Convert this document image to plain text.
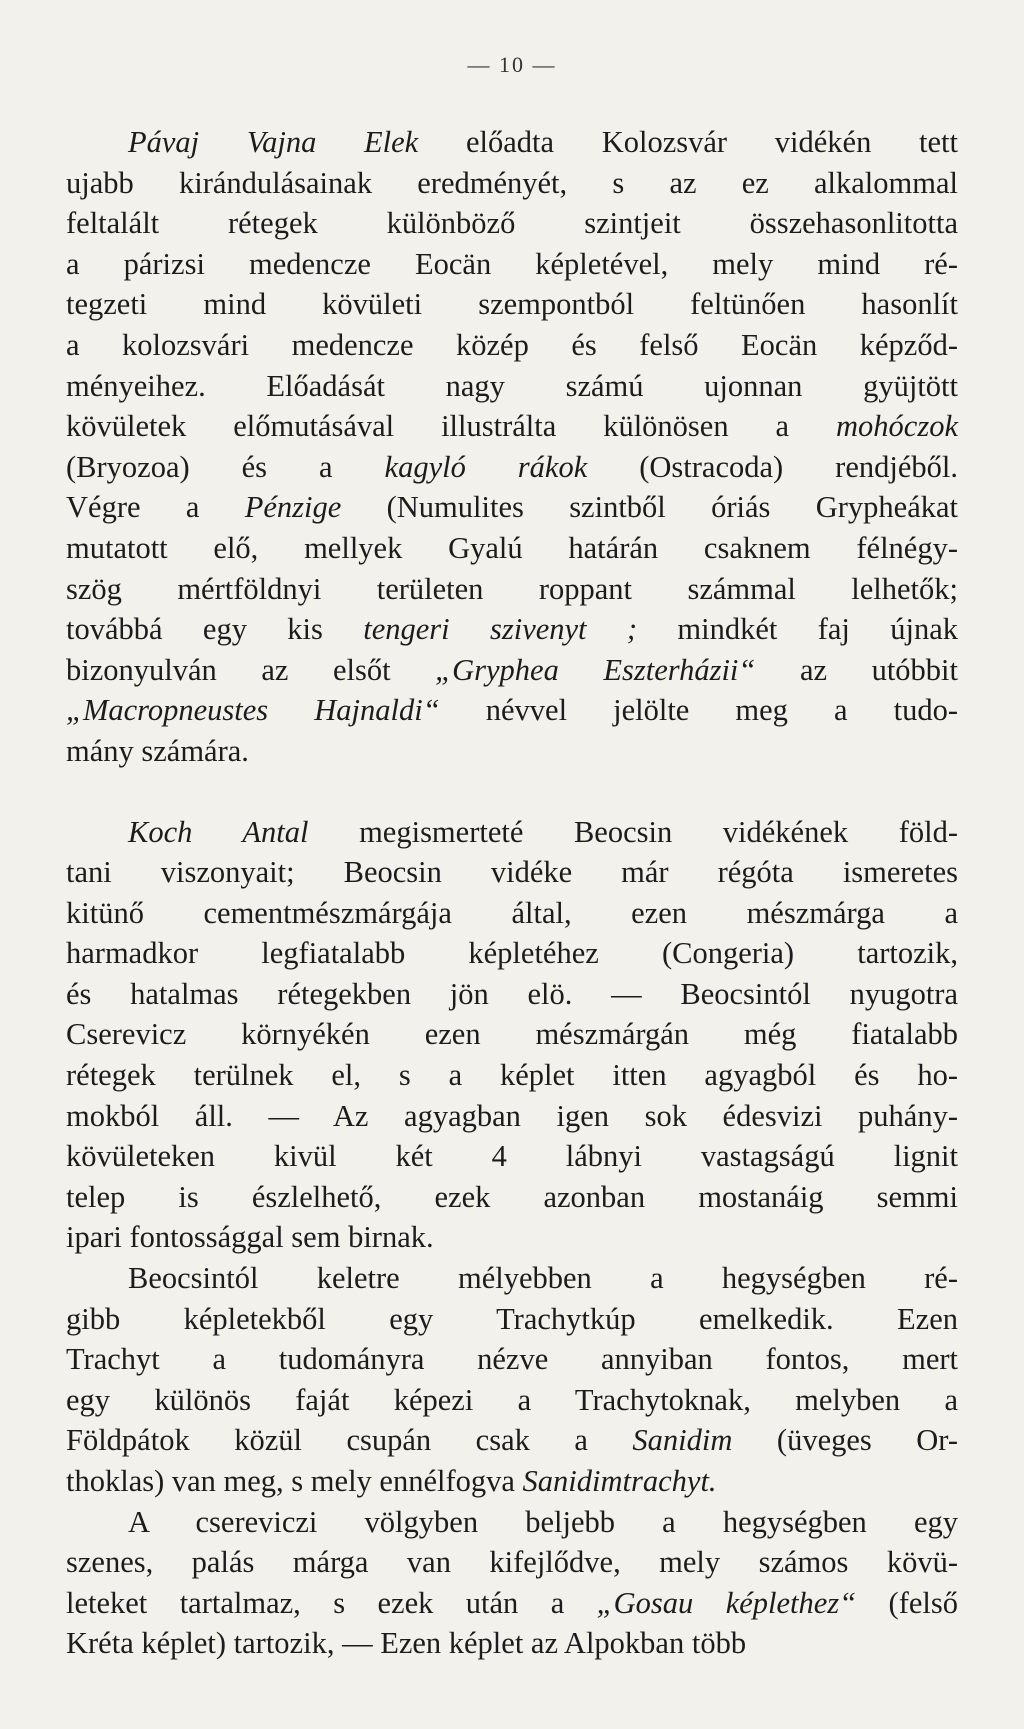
— 10 —
Pávaj Vajna Elek előadta Kolozsvár vidékén tett
ujabb kirándulásainak eredményét, s az ez alkalommal
feltalált rétegek különböző szintjeit összehasonlitotta
a párizsi medencze Eocän képletével, mely mind ré-
tegzeti mind kövületi szempontból feltünően hasonlít
a kolozsvári medencze közép és felső Eocän képződ-
ményeihez. Előadását nagy számú ujonnan gyüjtött
kövületek előmutásával illustrálta különösen a mohóczok
(Bryozoa) és a kagyló rákok (Ostracoda) rendjéből.
Végre a Pénzige (Numulites szintből óriás Grypheákat
mutatott elő, mellyek Gyalú határán csaknem félnégy-
szög mértföldnyi területen roppant számmal lelhetők;
továbbá egy kis tengeri szivenyt ; mindkét faj újnak
bizonyulván az elsőt „Gryphea Eszterházii“ az utóbbit
„Macropneustes Hajnaldi“ névvel jelölte meg a tudo-
mány számára.
Koch Antal megismerteté Beocsin vidékének föld-
tani viszonyait; Beocsin vidéke már régóta ismeretes
kitünő cementmészmárgája által, ezen mészmárga a
harmadkor legfiatalabb képletéhez (Congeria) tartozik,
és hatalmas rétegekben jön elö. — Beocsintól nyugotra
Cserevicz környékén ezen mészmárgán még fiatalabb
rétegek terülnek el, s a képlet itten agyagból és ho-
mokból áll. — Az agyagban igen sok édesvizi puhány-
kövületeken kivül két 4 lábnyi vastagságú lignit
telep is észlelhető, ezek azonban mostanáig semmi
ipari fontossággal sem birnak.
Beocsintól keletre mélyebben a hegységben ré-
gibb képletekből egy Trachytkúp emelkedik. Ezen
Trachyt a tudományra nézve annyiban fontos, mert
egy különös faját képezi a Trachytoknak, melyben a
Földpátok közül csupán csak a Sanidim (üveges Or-
thoklas) van meg, s mely ennélfogva Sanidimtrachyt.
A csereviczi völgyben beljebb a hegységben egy
szenes, palás márga van kifejlődve, mely számos kövü-
leteket tartalmaz, s ezek után a „Gosau képlethez“ (felső
Kréta képlet) tartozik, — Ezen képlet az Alpokban több
